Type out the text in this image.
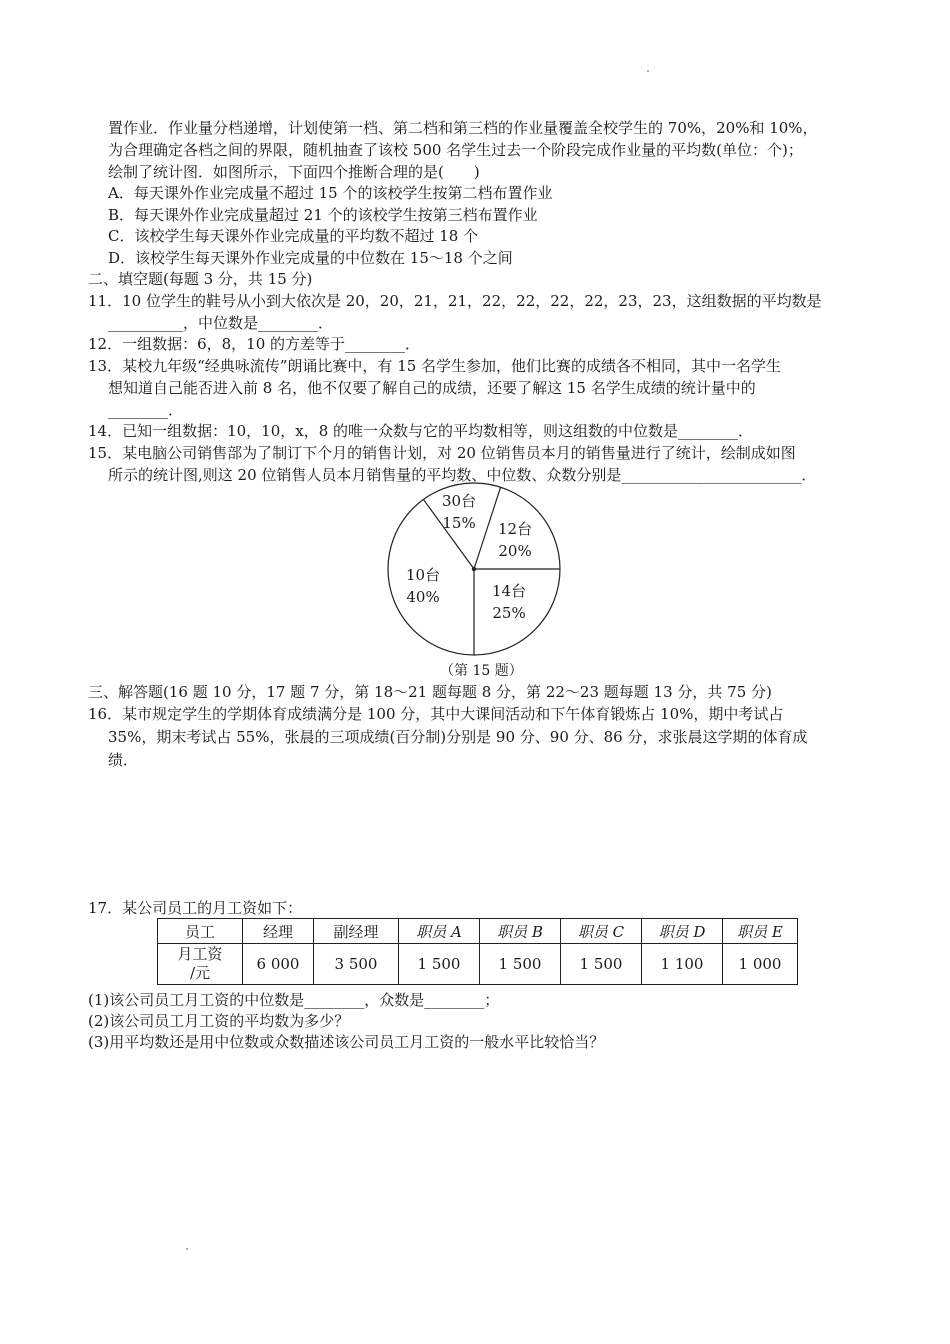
置作业．作业量分档递增，计划使第一档、第二档和第三档的作业量覆盖全校学生的 70%，20%和 10%，
为合理确定各档之间的界限，随机抽查了该校 500 名学生过去一个阶段完成作业量的平均数(单位：个)；
绘制了统计图．如图所示，下面四个推断合理的是(　　)
A．每天课外作业完成量不超过 15 个的该校学生按第二档布置作业
B．每天课外作业完成量超过 21 个的该校学生按第三档布置作业
C．该校学生每天课外作业完成量的平均数不超过 18 个
D．该校学生每天课外作业完成量的中位数在 15～18 个之间
二、填空题(每题 3 分，共 15 分)
11．10 位学生的鞋号从小到大依次是 20，20，21，21，22，22，22，22，23，23，这组数据的平均数是
__________，中位数是________．
12．一组数据：6，8，10 的方差等于________．
13．某校九年级“经典咏流传”朗诵比赛中，有 15 名学生参加，他们比赛的成绩各不相同，其中一名学生
想知道自己能否进入前 8 名，他不仅要了解自己的成绩，还要了解这 15 名学生成绩的统计量中的
________．
14．已知一组数据：10，10，x，8 的唯一众数与它的平均数相等，则这组数的中位数是________．
15．某电脑公司销售部为了制订下个月的销售计划，对 20 位销售员本月的销售量进行了统计，绘制成如图
所示的统计图,则这 20 位销售人员本月销售量的平均数、中位数、众数分别是________________________．
30台
15% 12台
20%
14台
25%
10台
40%
（第 15 题）
三、解答题(16 题 10 分，17 题 7 分，第 18～21 题每题 8 分，第 22～23 题每题 13 分，共 75 分)
16．某市规定学生的学期体育成绩满分是 100 分，其中大课间活动和下午体育锻炼占 10%，期中考试占
35%，期末考试占 55%，张晨的三项成绩(百分制)分别是 90 分、90 分、86 分，求张晨这学期的体育成
绩．
17．某公司员工的月工资如下：
员工	经理	副经理	职员 A	职员 B	职员 C	职员 D	职员 E

月工资
/元	6 000	3 500	1 500	1 500	1 500	1 100	1 000
(1)该公司员工月工资的中位数是________，众数是________；
(2)该公司员工月工资的平均数为多少？
(3)用平均数还是用中位数或众数描述该公司员工月工资的一般水平比较恰当？
